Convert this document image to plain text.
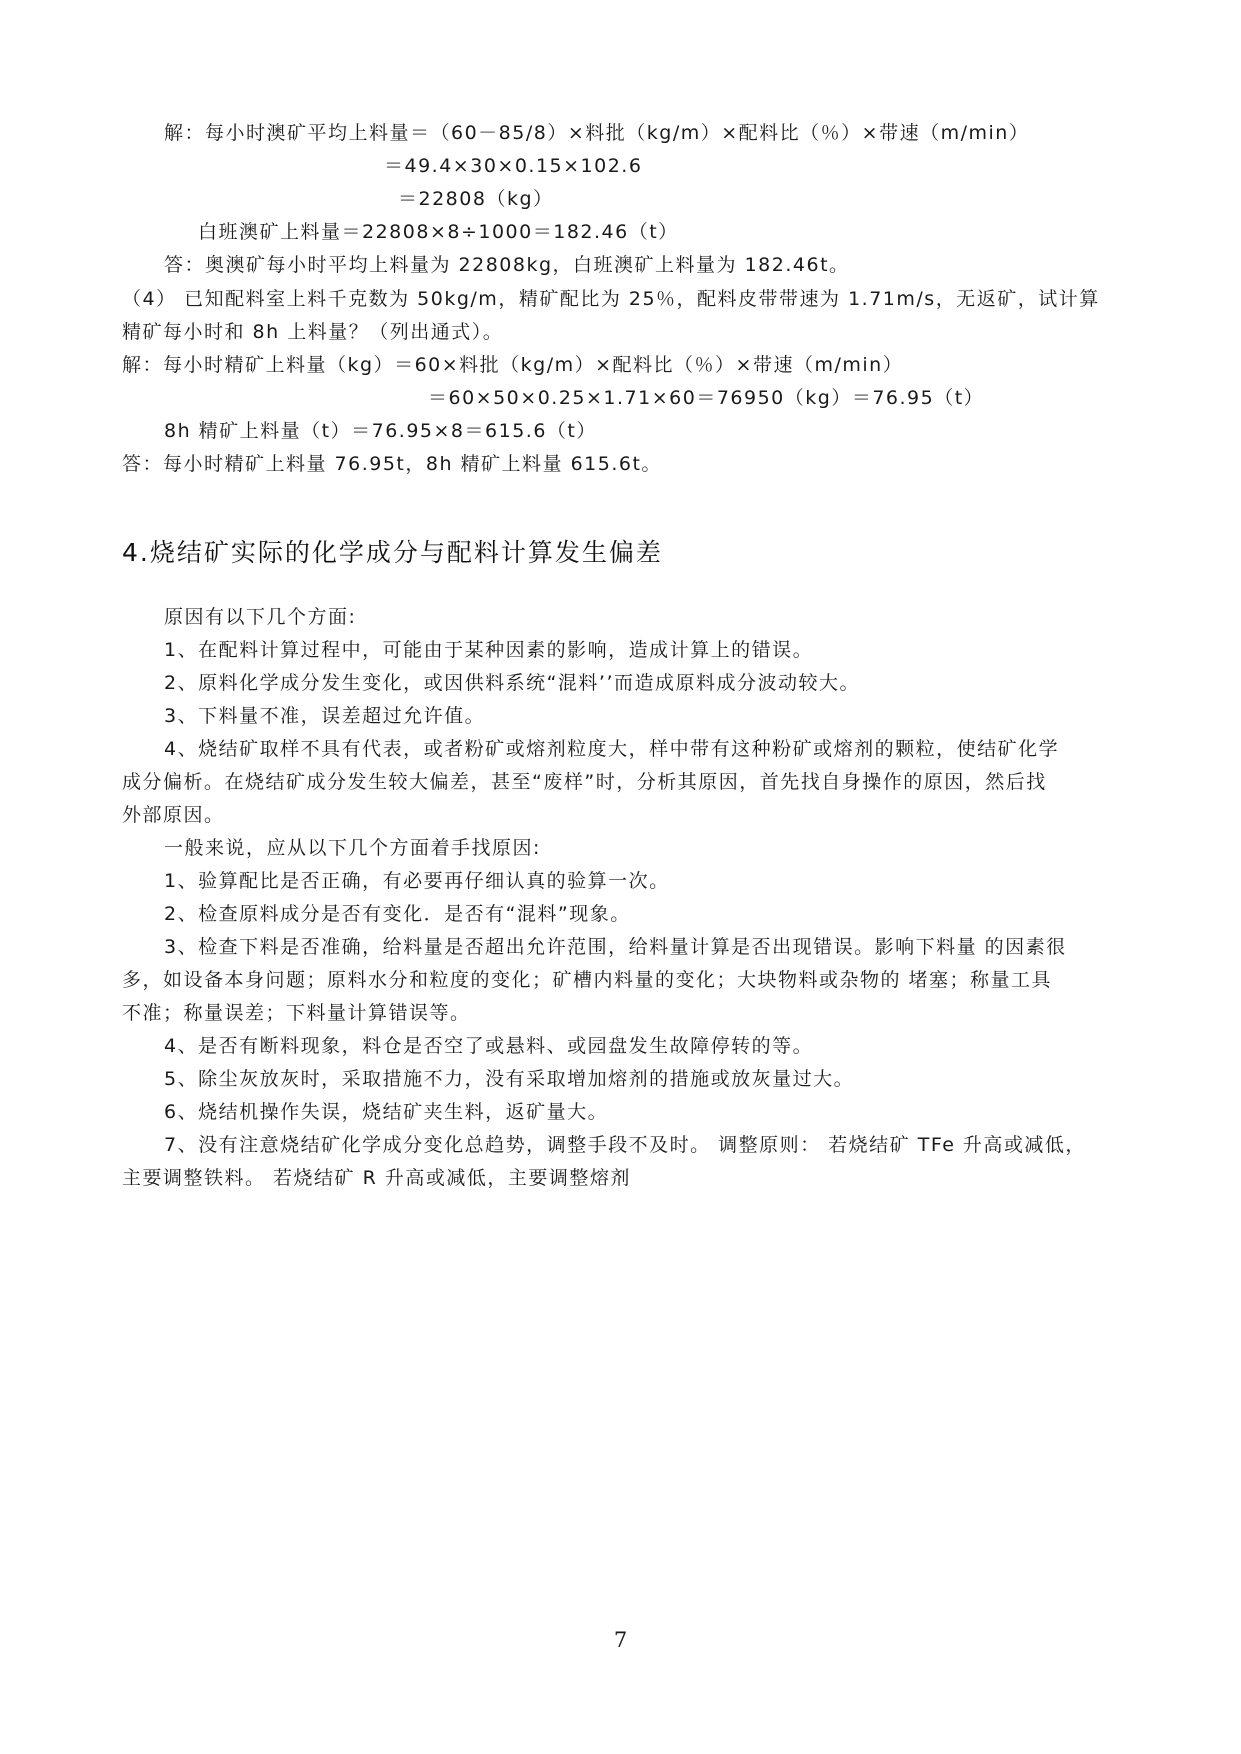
解：每小时澳矿平均上料量＝（60－85/8）×料批（kg/m）×配料比（％）×带速（m/min）
＝49.4×30×0.15×102.6
＝22808（kg）
白班澳矿上料量＝22808×8÷1000＝182.46（t）
答：奥澳矿每小时平均上料量为 22808kg，白班澳矿上料量为 182.46t。
（4） 已知配料室上料千克数为 50kg/m，精矿配比为 25％，配料皮带带速为 1.71m/s，无返矿，试计算
精矿每小时和 8h 上料量？（列出通式）。
解：每小时精矿上料量（kg）＝60×料批（kg/m）×配料比（％）×带速（m/min）
＝60×50×0.25×1.71×60＝76950（kg）＝76.95（t）
8h 精矿上料量（t）＝76.95×8＝615.6（t）
答：每小时精矿上料量 76.95t，8h 精矿上料量 615.6t。
4.烧结矿实际的化学成分与配料计算发生偏差
原因有以下几个方面:
1、在配料计算过程中，可能由于某种因素的影响，造成计算上的错误。
2、原料化学成分发生变化，或因供料系统“混料’’而造成原料成分波动较大。
3、下料量不准，误差超过允许值。
4、烧结矿取样不具有代表，或者粉矿或熔剂粒度大，样中带有这种粉矿或熔剂的颗粒，使结矿化学
成分偏析。在烧结矿成分发生较大偏差，甚至“废样”时，分析其原因，首先找自身操作的原因，然后找
外部原因。
一般来说，应从以下几个方面着手找原因:
1、验算配比是否正确，有必要再仔细认真的验算一次。
2、检查原料成分是否有变化．是否有“混料”现象。
3、检查下料是否准确，给料量是否超出允许范围，给料量计算是否出现错误。影响下料量 的因素很
多，如设备本身问题；原料水分和粒度的变化；矿槽内料量的变化；大块物料或杂物的 堵塞；称量工具
不准；称量误差；下料量计算错误等。
4、是否有断料现象，料仓是否空了或悬料、或园盘发生故障停转的等。
5、除尘灰放灰时，采取措施不力，没有采取增加熔剂的措施或放灰量过大。
6、烧结机操作失误，烧结矿夹生料，返矿量大。
7、没有注意烧结矿化学成分变化总趋势，调整手段不及时。 调整原则： 若烧结矿 TFe 升高或减低，
主要调整铁料。 若烧结矿 R 升高或减低，主要调整熔剂
7
